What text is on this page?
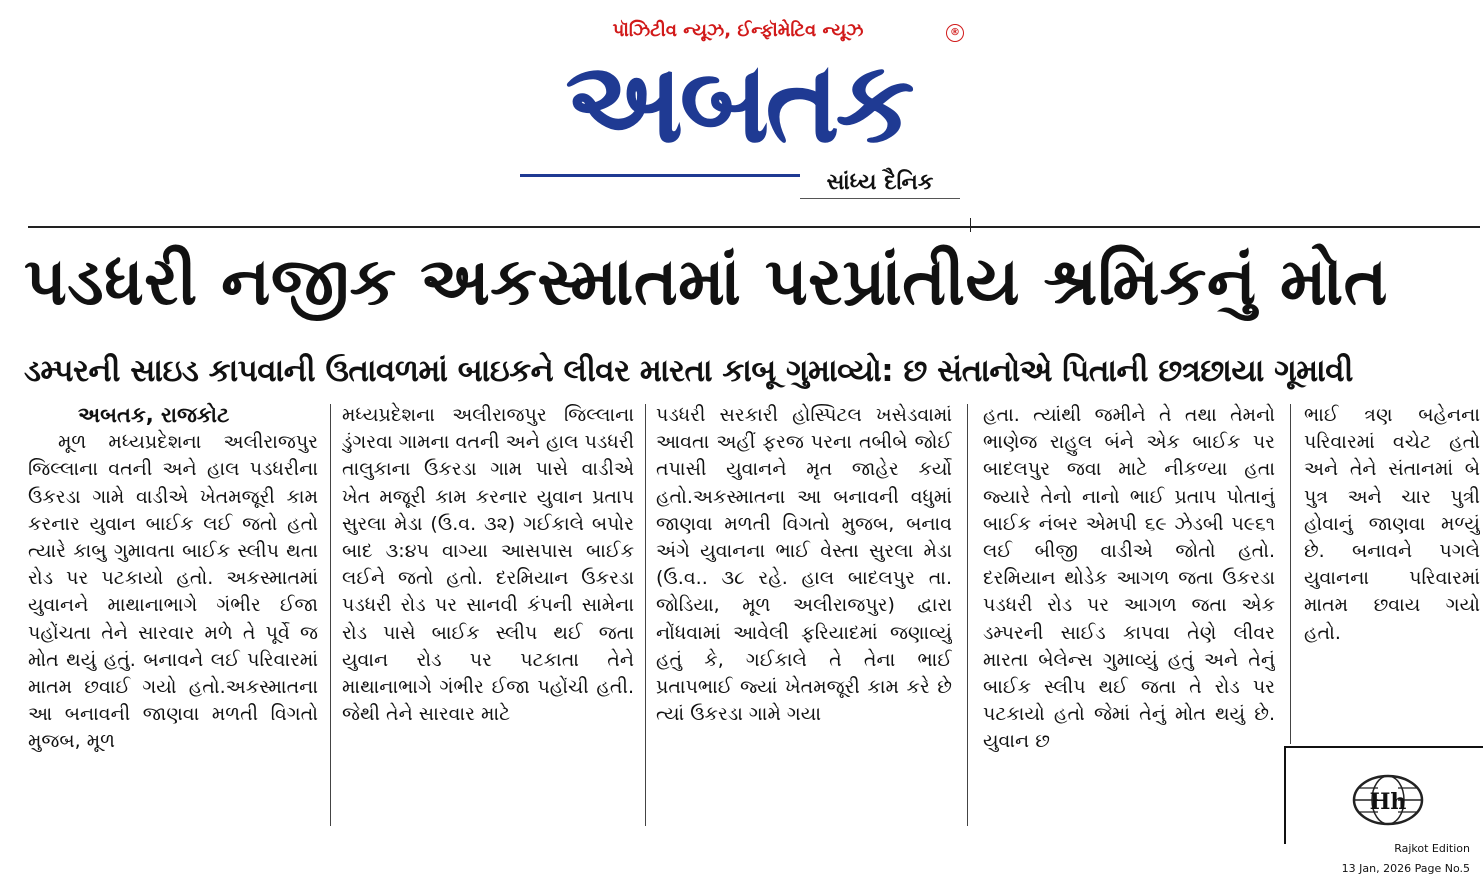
પૉઝિટીવ ન્યૂઝ, ઈન્ફૉમેટિવ ન્યૂઝ	®
અબતક
સાંધ્ય દૈનિક
પડધરી નજીક અકસ્માતમાં પરપ્રાંતીય શ્રમિકનું મોત
ડમ્પરની સાઇડ કાપવાની ઉતાવળમાં બાઇકને લીવર મારતા કાબૂ ગુમાવ્યો: છ સંતાનોએ પિતાની છત્રછાયા ગૂમાવી
અબતક, રાજકોટ

મૂળ મધ્યપ્રદેશના અલીરાજપુર જિલ્લાના વતની અને હાલ પડધરીના ઉકરડા ગામે વાડીએ ખેતમજૂરી કામ કરનાર યુવાન બાઈક લઈ જતો હતો ત્યારે કાબુ ગુમાવતા બાઈક સ્લીપ થતા રોડ પર પટકાયો હતો. અકસ્માતમાં યુવાનને માથાનાભાગે ગંભીર ઈજા પહોંચતા તેને સારવાર મળે તે પૂર્વે જ મોત થયું હતું. બનાવને લઈ પરિવારમાં માતમ છવાઈ ગયો હતો.અકસ્માતના આ બનાવની જાણવા મળતી વિગતો મુજબ, મૂળ

મધ્યપ્રદેશના અલીરાજપુર જિલ્લાના ડુંગરવા ગામના વતની અને હાલ પડધરી તાલુકાના ઉકરડા ગામ પાસે વાડીએ ખેત મજૂરી કામ કરનાર યુવાન પ્રતાપ સુરલા મેડા (ઉ.વ. ૩૨) ગઈકાલે બપોર બાદ ૩:૪૫ વાગ્યા આસપાસ બાઈક લઈને જતો હતો. દરમિયાન ઉકરડા પડધરી રોડ પર સાનવી કંપની સામેના રોડ પાસે બાઈક સ્લીપ થઈ જતા યુવાન રોડ પર પટકાતા તેને માથાનાભાગે ગંભીર ઈજા પહોંચી હતી. જેથી તેને સારવાર માટે

પડધરી સરકારી હોસ્પિટલ ખસેડવામાં આવતા અહીં ફરજ પરના તબીબે જોઈ તપાસી યુવાનને મૃત જાહેર કર્યો હતો.અકસ્માતના આ બનાવની વધુમાં જાણવા મળતી વિગતો મુજબ, બનાવ અંગે યુવાનના ભાઈ વેસ્તા સુરલા મેડા (ઉ.વ.. ૩૮ રહે. હાલ બાદલપુર તા. જોડિયા, મૂળ અલીરાજપુર) દ્વારા નોંધવામાં આવેલી ફરિયાદમાં જણાવ્યું હતું કે, ગઈકાલે તે તેના ભાઈ પ્રતાપભાઈ જ્યાં ખેતમજૂરી કામ કરે છે ત્યાં ઉકરડા ગામે ગયા

હતા. ત્યાંથી જમીને તે તથા તેમનો ભાણેજ રાહુલ બંને એક બાઈક પર બાદલપુર જવા માટે નીકળ્યા હતા જ્યારે તેનો નાનો ભાઈ પ્રતાપ પોતાનું બાઈક નંબર એમપી ૬૯ ઝેડબી ૫૯૬૧ લઈ બીજી વાડીએ જોતો હતો. દરમિયાન થોડેક આગળ જતા ઉકરડા પડધરી રોડ પર આગળ જતા એક ડમ્પરની સાઈડ કાપવા તેણે લીવર મારતા બેલેન્સ ગુમાવ્યું હતું અને તેનું બાઈક સ્લીપ થઈ જતા તે રોડ પર પટકાયો હતો જેમાં તેનું મોત થયું છે. યુવાન છ

ભાઈ ત્રણ બહેનના પરિવારમાં વચેટ હતો અને તેને સંતાનમાં બે પુત્ર અને ચાર પુત્રી હોવાનું જાણવા મળ્યું છે. બનાવને પગલે યુવાનના પરિવારમાં માતમ છવાય ગયો હતો.

Hh
Rajkot Edition
13 Jan, 2026 Page No.5
